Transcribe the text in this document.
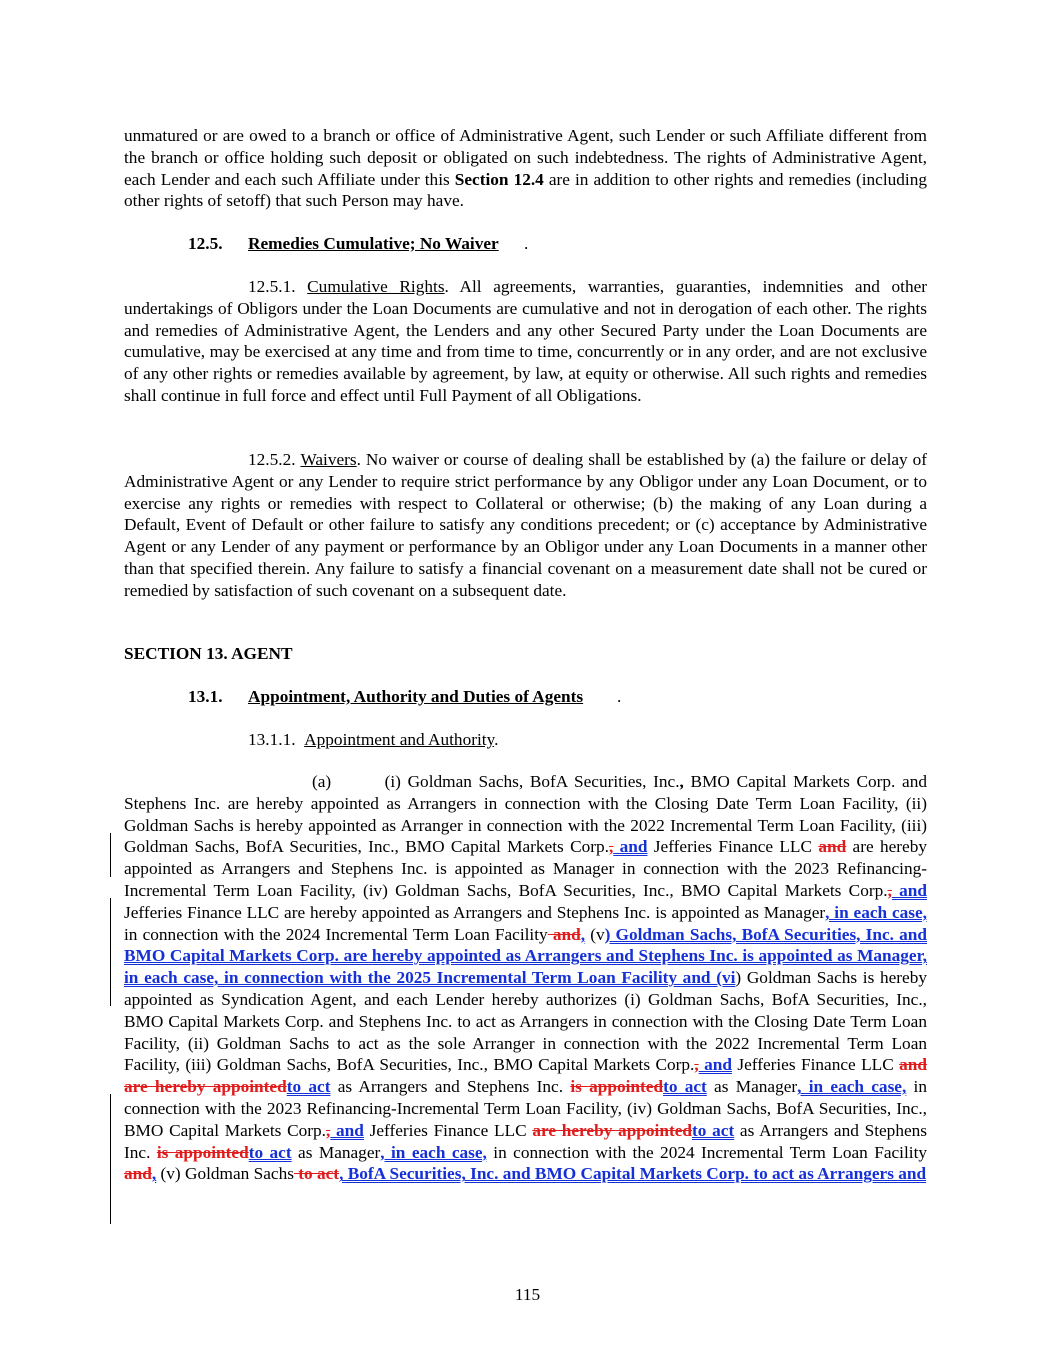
unmatured or are owed to a branch or office of Administrative Agent, such Lender or such Affiliate different from the branch or office holding such deposit or obligated on such indebtedness. The rights of Administrative Agent, each Lender and each such Affiliate under this Section 12.4 are in addition to other rights and remedies (including other rights of setoff) that such Person may have.

12.5. Remedies Cumulative; No Waiver .

12.5.1. Cumulative Rights. All agreements, warranties, guaranties, indemnities and other undertakings of Obligors under the Loan Documents are cumulative and not in derogation of each other. The rights and remedies of Administrative Agent, the Lenders and any other Secured Party under the Loan Documents are cumulative, may be exercised at any time and from time to time, concurrently or in any order, and are not exclusive of any other rights or remedies available by agreement, by law, at equity or otherwise. All such rights and remedies shall continue in full force and effect until Full Payment of all Obligations.

12.5.2. Waivers. No waiver or course of dealing shall be established by (a) the failure or delay of Administrative Agent or any Lender to require strict performance by any Obligor under any Loan Document, or to exercise any rights or remedies with respect to Collateral or otherwise; (b) the making of any Loan during a Default, Event of Default or other failure to satisfy any conditions precedent; or (c) acceptance by Administrative Agent or any Lender of any payment or performance by an Obligor under any Loan Documents in a manner other than that specified therein. Any failure to satisfy a financial covenant on a measurement date shall not be cured or remedied by satisfaction of such covenant on a subsequent date.

SECTION 13. AGENT

13.1. Appointment, Authority and Duties of Agents .

13.1.1. Appointment and Authority.

(a)        (i) Goldman Sachs, BofA Securities, Inc., BMO Capital Markets Corp. and Stephens Inc. are hereby appointed as Arrangers in connection with the Closing Date Term Loan Facility, (ii) Goldman Sachs is hereby appointed as Arranger in connection with the 2022 Incremental Term Loan Facility, (iii) Goldman Sachs, BofA Securities, Inc., BMO Capital Markets Corp., and Jefferies Finance LLC and are hereby appointed as Arrangers and Stephens Inc. is appointed as Manager in connection with the 2023 Refinancing-Incremental Term Loan Facility, (iv) Goldman Sachs, BofA Securities, Inc., BMO Capital Markets Corp., and Jefferies Finance LLC are hereby appointed as Arrangers and Stephens Inc. is appointed as Manager, in each case, in connection with the 2024 Incremental Term Loan Facility and, (v) Goldman Sachs, BofA Securities, Inc. and BMO Capital Markets Corp. are hereby appointed as Arrangers and Stephens Inc. is appointed as Manager, in each case, in connection with the 2025 Incremental Term Loan Facility and (vi) Goldman Sachs is hereby appointed as Syndication Agent, and each Lender hereby authorizes (i) Goldman Sachs, BofA Securities, Inc., BMO Capital Markets Corp. and Stephens Inc. to act as Arrangers in connection with the Closing Date Term Loan Facility, (ii) Goldman Sachs to act as the sole Arranger in connection with the 2022 Incremental Term Loan Facility, (iii) Goldman Sachs, BofA Securities, Inc., BMO Capital Markets Corp., and Jefferies Finance LLC and are hereby appointedto act as Arrangers and Stephens Inc. is appointedto act as Manager, in each case, in connection with the 2023 Refinancing-Incremental Term Loan Facility, (iv) Goldman Sachs, BofA Securities, Inc., BMO Capital Markets Corp., and Jefferies Finance LLC are hereby appointedto act as Arrangers and Stephens Inc. is appointedto act as Manager, in each case, in connection with the 2024 Incremental Term Loan Facility and, (v) Goldman Sachs to act, BofA Securities, Inc. and BMO Capital Markets Corp. to act as Arrangers and

115
